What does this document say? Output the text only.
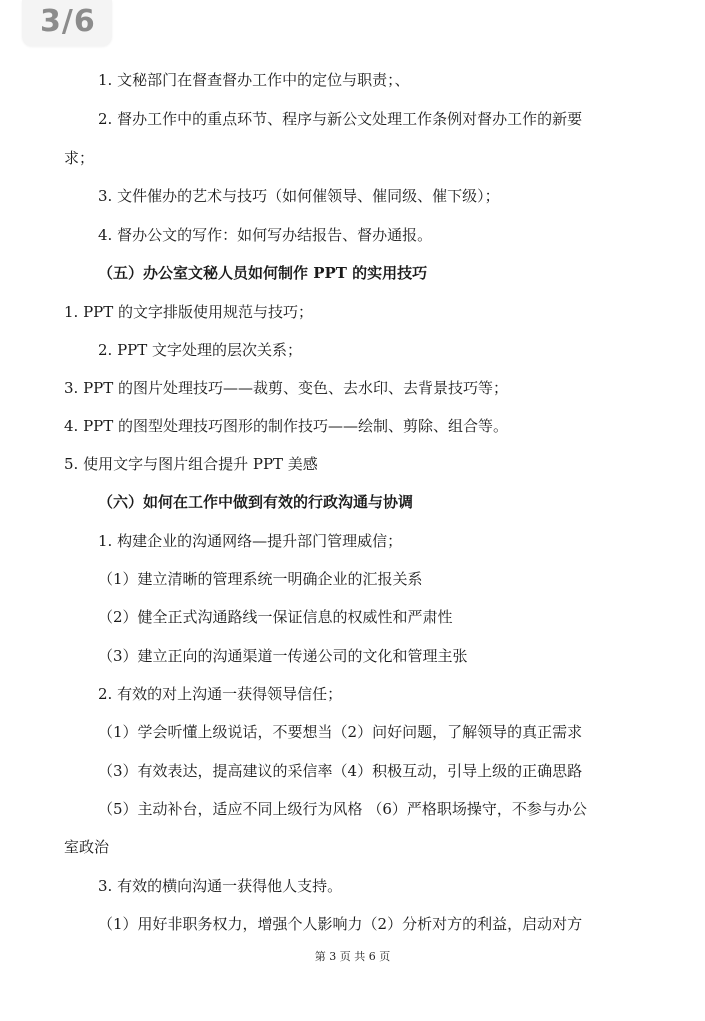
3/6
1. 文秘部门在督查督办工作中的定位与职责；、
2. 督办工作中的重点环节、程序与新公文处理工作条例对督办工作的新要
求；
3. 文件催办的艺术与技巧（如何催领导、催同级、催下级）；
4. 督办公文的写作：如何写办结报告、督办通报。
（五）办公室文秘人员如何制作 PPT 的实用技巧
1. PPT 的文字排版使用规范与技巧；
2. PPT 文字处理的层次关系；
3. PPT 的图片处理技巧——裁剪、变色、去水印、去背景技巧等；
4. PPT 的图型处理技巧图形的制作技巧——绘制、剪除、组合等。
5. 使用文字与图片组合提升 PPT 美感
（六）如何在工作中做到有效的行政沟通与协调
1. 构建企业的沟通网络—提升部门管理威信；
（1）建立清晰的管理系统一明确企业的汇报关系
（2）健全正式沟通路线一保证信息的权威性和严肃性
（3）建立正向的沟通渠道一传递公司的文化和管理主张
2. 有效的对上沟通一获得领导信任；
（1）学会听懂上级说话，不要想当（2）问好问题，了解领导的真正需求
（3）有效表达，提高建议的采信率（4）积极互动，引导上级的正确思路
（5）主动补台，适应不同上级行为风格 （6）严格职场操守，不参与办公
室政治
3. 有效的横向沟通一获得他人支持。
（1）用好非职务权力，增强个人影响力（2）分析对方的利益，启动对方
第 3 页 共 6 页
